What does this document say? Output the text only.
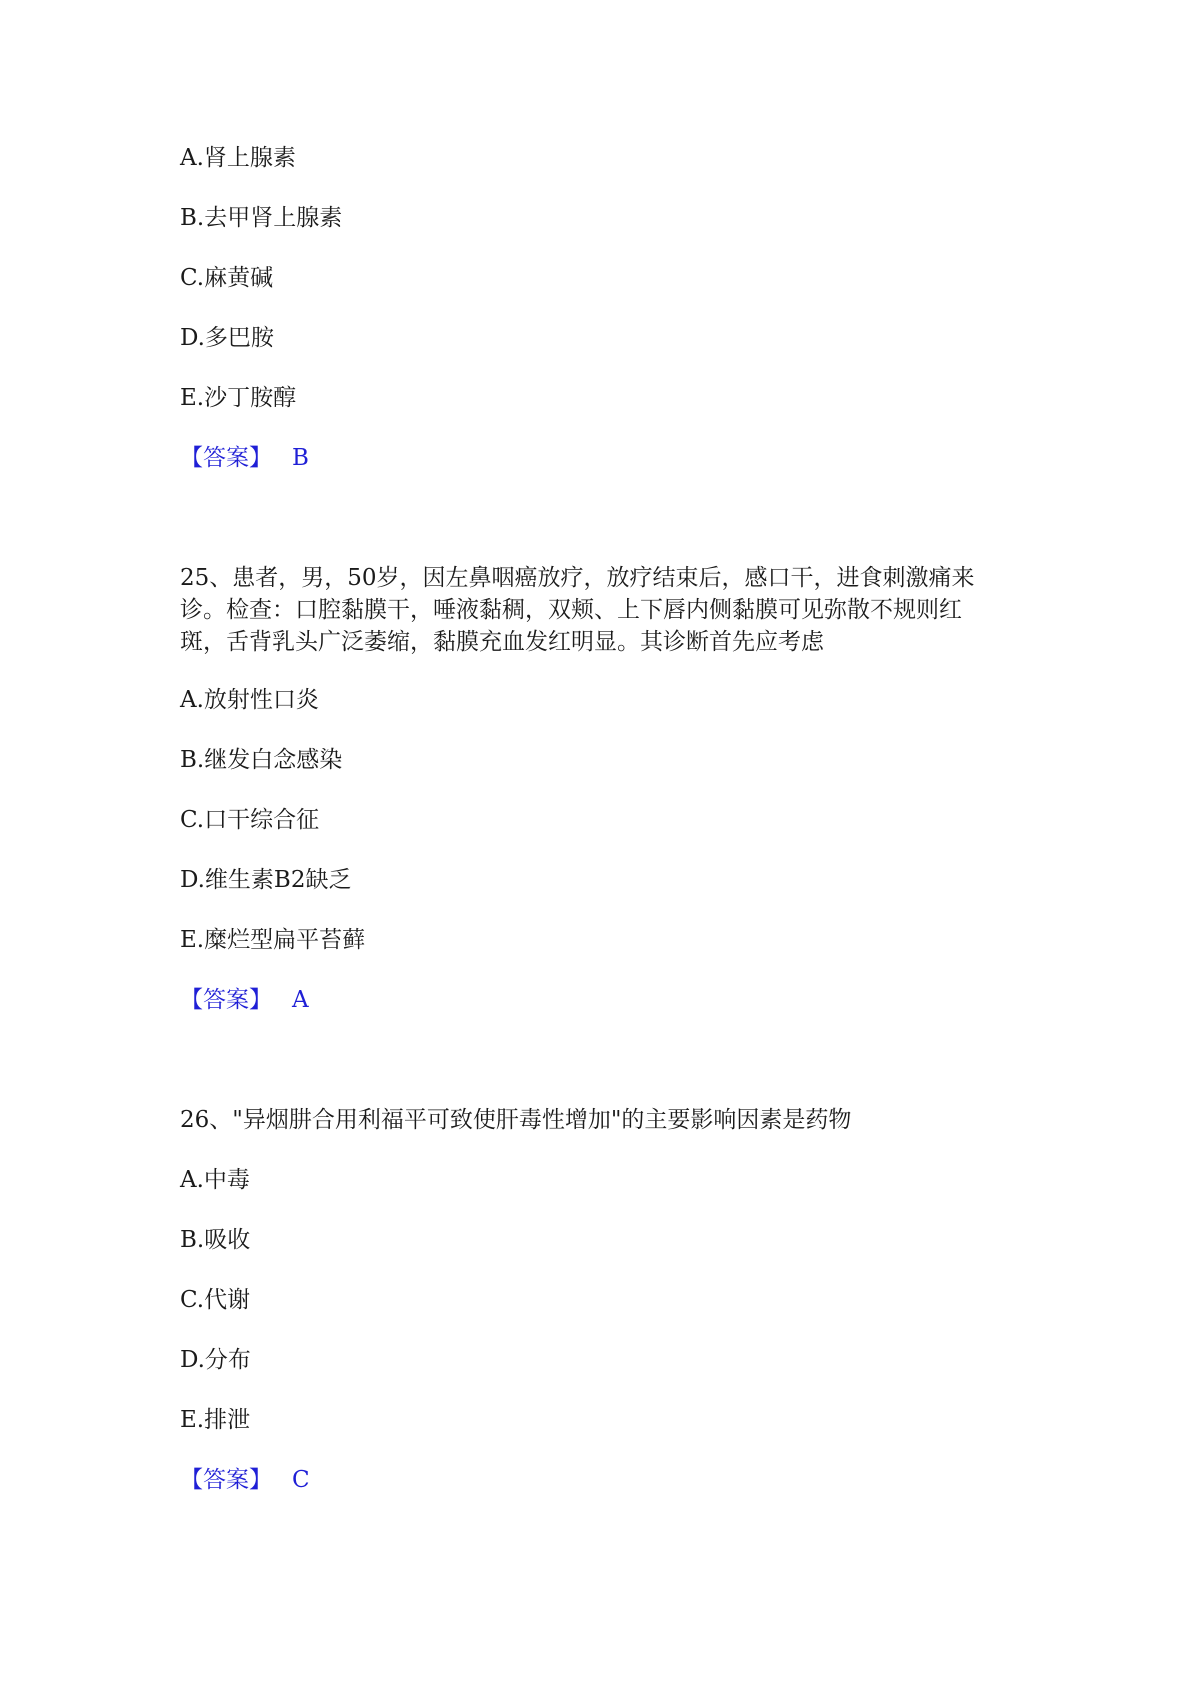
A.肾上腺素
B.去甲肾上腺素
C.麻黄碱
D.多巴胺
E.沙丁胺醇
【答案】 B
25、患者，男，50岁，因左鼻咽癌放疗，放疗结束后，感口干，进食刺激痛来
诊。检查：口腔黏膜干，唾液黏稠，双颊、上下唇内侧黏膜可见弥散不规则红
斑，舌背乳头广泛萎缩，黏膜充血发红明显。其诊断首先应考虑
A.放射性口炎
B.继发白念感染
C.口干综合征
D.维生素B2缺乏
E.糜烂型扁平苔藓
【答案】 A
26、"异烟肼合用利福平可致使肝毒性增加"的主要影响因素是药物
A.中毒
B.吸收
C.代谢
D.分布
E.排泄
【答案】 C
